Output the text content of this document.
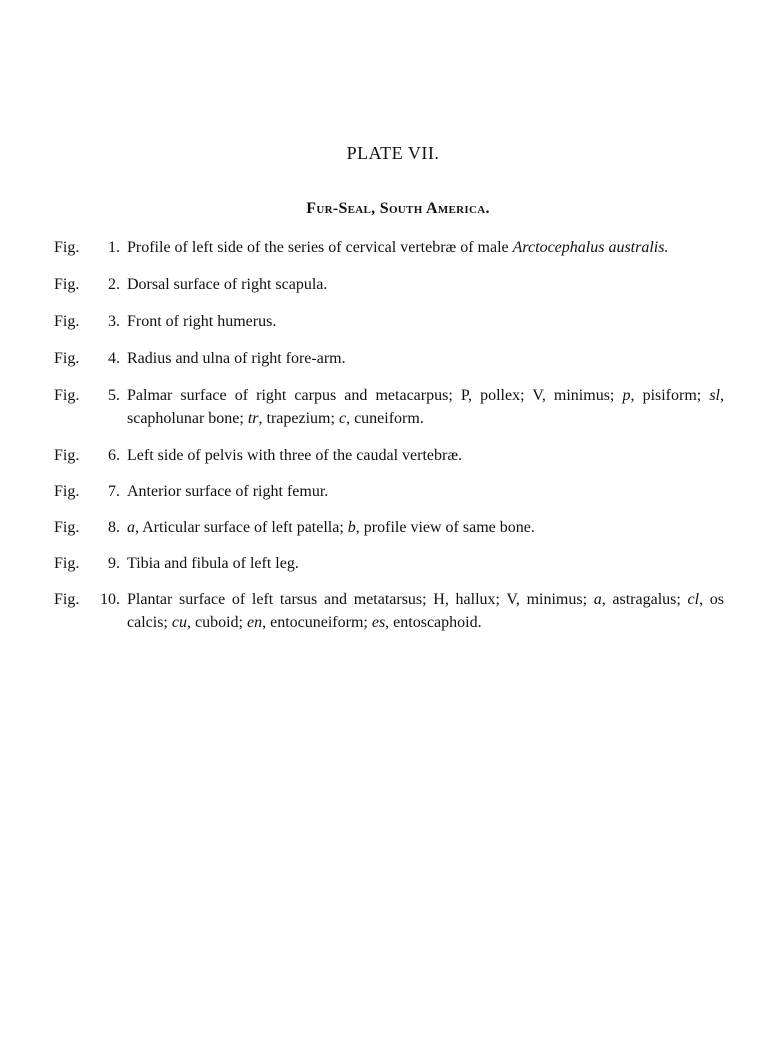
PLATE VII.
Fur-Seal, South America.
Fig.	1. Profile of left side of the series of cervical vertebræ of male Arctocephalus australis.
Fig.	2. Dorsal surface of right scapula.
Fig.	3. Front of right humerus.
Fig.	4. Radius and ulna of right fore-arm.
Fig.	5. Palmar surface of right carpus and metacarpus; P, pollex; V, minimus; p, pisiform; sl, scapholunar bone; tr, trapezium; c, cuneiform.
Fig.	6. Left side of pelvis with three of the caudal vertebræ.
Fig.	7. Anterior surface of right femur.
Fig.	8. a, Articular surface of left patella; b, profile view of same bone.
Fig.	9. Tibia and fibula of left leg.
Fig.	10. Plantar surface of left tarsus and metatarsus; H, hallux; V, minimus; a, astragalus; cl, os calcis; cu, cuboid; en, entocuneiform; es, entoscaphoid.
